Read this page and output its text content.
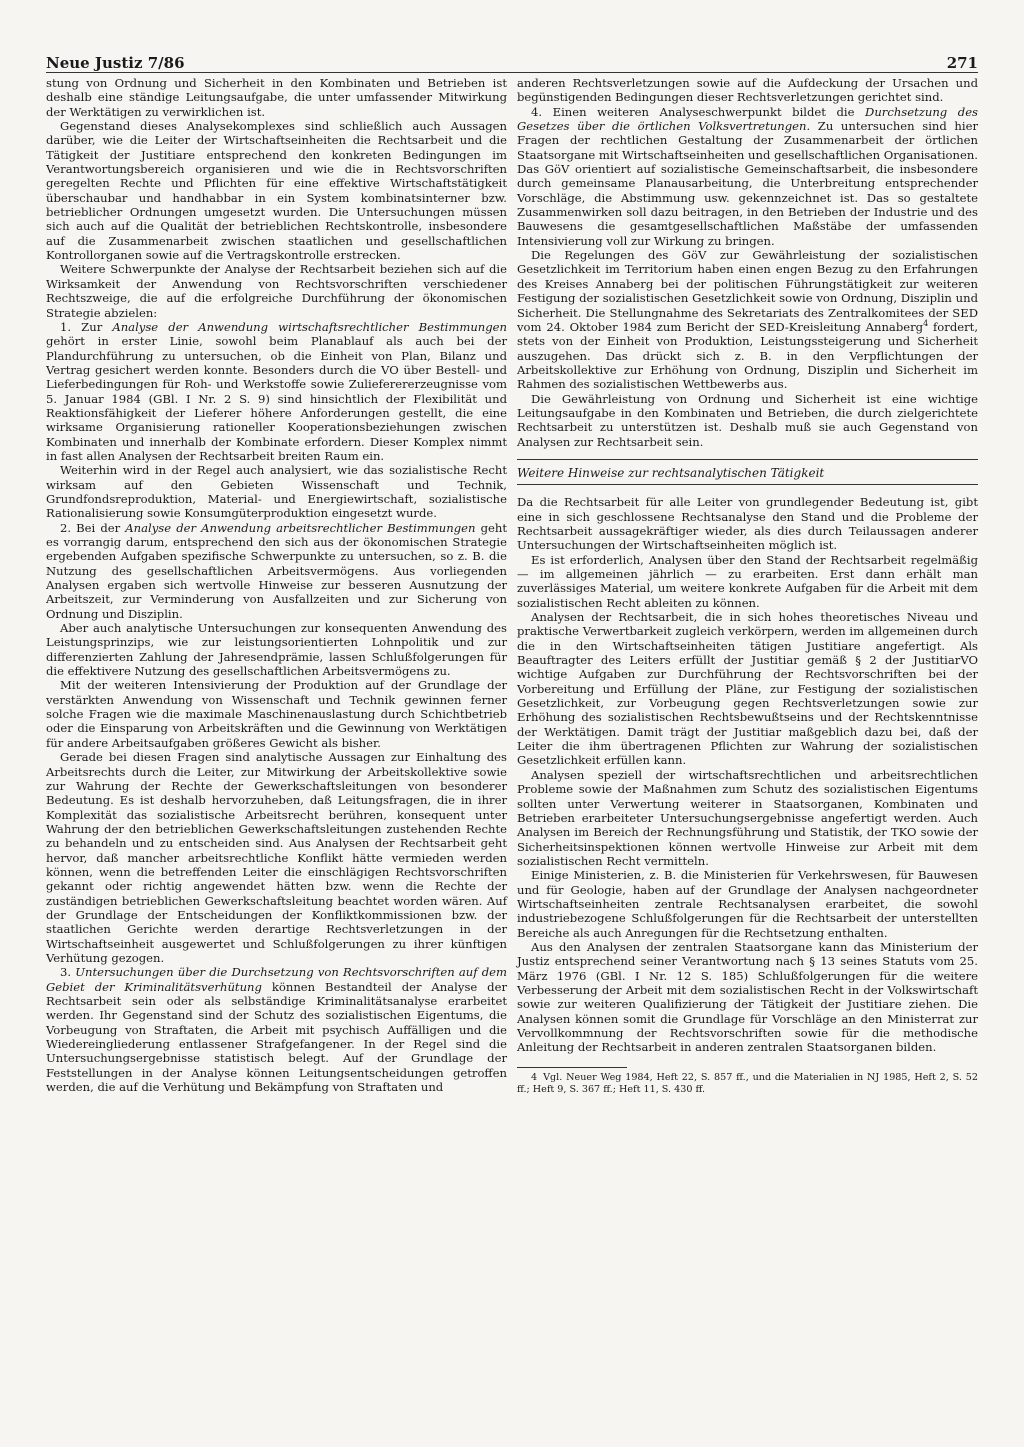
Neue Justiz 7/86	271

stung von Ordnung und Sicherheit in den Kombinaten und Betrieben ist deshalb eine ständige Leitungsaufgabe, die unter umfassender Mitwirkung der Werktätigen zu verwirklichen ist.

Gegenstand dieses Analysekomplexes sind schließlich auch Aussagen darüber, wie die Leiter der Wirtschaftseinheiten die Rechtsarbeit und die Tätigkeit der Justitiare entsprechend den konkreten Bedingungen im Verantwortungsbereich organisieren und wie die in Rechtsvorschriften geregelten Rechte und Pflichten für eine effektive Wirtschaftstätigkeit überschaubar und handhabbar in ein System kombinatsinterner bzw. betrieblicher Ordnungen umgesetzt wurden. Die Untersuchungen müssen sich auch auf die Qualität der betrieblichen Rechtskontrolle, insbesondere auf die Zusammenarbeit zwischen staatlichen und gesellschaftlichen Kontrollorganen sowie auf die Vertragskontrolle erstrecken.

Weitere Schwerpunkte der Analyse der Rechtsarbeit beziehen sich auf die Wirksamkeit der Anwendung von Rechtsvorschriften verschiedener Rechtszweige, die auf die erfolgreiche Durchführung der ökonomischen Strategie abzielen:

1. Zur Analyse der Anwendung wirtschaftsrechtlicher Bestimmungen gehört in erster Linie, sowohl beim Planablauf als auch bei der Plandurchführung zu untersuchen, ob die Einheit von Plan, Bilanz und Vertrag gesichert werden konnte. Besonders durch die VO über Bestell- und Lieferbedingungen für Roh- und Werkstoffe sowie Zulieferererzeugnisse vom 5. Januar 1984 (GBl. I Nr. 2 S. 9) sind hinsichtlich der Flexibilität und Reaktionsfähigkeit der Lieferer höhere Anforderungen gestellt, die eine wirksame Organisierung rationeller Kooperationsbeziehungen zwischen Kombinaten und innerhalb der Kombinate erfordern. Dieser Komplex nimmt in fast allen Analysen der Rechtsarbeit breiten Raum ein.

Weiterhin wird in der Regel auch analysiert, wie das sozialistische Recht wirksam auf den Gebieten Wissenschaft und Technik, Grundfondsreproduktion, Material- und Energiewirtschaft, sozialistische Rationalisierung sowie Konsumgüterproduktion eingesetzt wurde.

2. Bei der Analyse der Anwendung arbeitsrechtlicher Bestimmungen geht es vorrangig darum, entsprechend den sich aus der ökonomischen Strategie ergebenden Aufgaben spezifische Schwerpunkte zu untersuchen, so z. B. die Nutzung des gesellschaftlichen Arbeitsvermögens. Aus vorliegenden Analysen ergaben sich wertvolle Hinweise zur besseren Ausnutzung der Arbeitszeit, zur Verminderung von Ausfallzeiten und zur Sicherung von Ordnung und Disziplin.

Aber auch analytische Untersuchungen zur konsequenten Anwendung des Leistungsprinzips, wie zur leistungsorientierten Lohnpolitik und zur differenzierten Zahlung der Jahresendprämie, lassen Schlußfolgerungen für die effektivere Nutzung des gesellschaftlichen Arbeitsvermögens zu.

Mit der weiteren Intensivierung der Produktion auf der Grundlage der verstärkten Anwendung von Wissenschaft und Technik gewinnen ferner solche Fragen wie die maximale Maschinenauslastung durch Schichtbetrieb oder die Einsparung von Arbeitskräften und die Gewinnung von Werktätigen für andere Arbeitsaufgaben größeres Gewicht als bisher.

Gerade bei diesen Fragen sind analytische Aussagen zur Einhaltung des Arbeitsrechts durch die Leiter, zur Mitwirkung der Arbeitskollektive sowie zur Wahrung der Rechte der Gewerkschaftsleitungen von besonderer Bedeutung. Es ist deshalb hervorzuheben, daß Leitungsfragen, die in ihrer Komplexität das sozialistische Arbeitsrecht berühren, konsequent unter Wahrung der den betrieblichen Gewerkschaftsleitungen zustehenden Rechte zu behandeln und zu entscheiden sind. Aus Analysen der Rechtsarbeit geht hervor, daß mancher arbeitsrechtliche Konflikt hätte vermieden werden können, wenn die betreffenden Leiter die einschlägigen Rechtsvorschriften gekannt oder richtig angewendet hätten bzw. wenn die Rechte der zuständigen betrieblichen Gewerkschaftsleitung beachtet worden wären. Auf der Grundlage der Entscheidungen der Konfliktkommissionen bzw. der staatlichen Gerichte werden derartige Rechtsverletzungen in der Wirtschaftseinheit ausgewertet und Schlußfolgerungen zu ihrer künftigen Verhütung gezogen.

3. Untersuchungen über die Durchsetzung von Rechtsvorschriften auf dem Gebiet der Kriminalitätsverhütung können Bestandteil der Analyse der Rechtsarbeit sein oder als selbständige Kriminalitätsanalyse erarbeitet werden. Ihr Gegenstand sind der Schutz des sozialistischen Eigentums, die Vorbeugung von Straftaten, die Arbeit mit psychisch Auffälligen und die Wiedereingliederung entlassener Strafgefangener. In der Regel sind die Untersuchungsergebnisse statistisch belegt. Auf der Grundlage der Feststellungen in der Analyse können Leitungsentscheidungen getroffen werden, die auf die Verhütung und Bekämpfung von Straftaten und

anderen Rechtsverletzungen sowie auf die Aufdeckung der Ursachen und begünstigenden Bedingungen dieser Rechtsverletzungen gerichtet sind.

4. Einen weiteren Analyseschwerpunkt bildet die Durchsetzung des Gesetzes über die örtlichen Volksvertretungen. Zu untersuchen sind hier Fragen der rechtlichen Gestaltung der Zusammenarbeit der örtlichen Staatsorgane mit Wirtschaftseinheiten und gesellschaftlichen Organisationen. Das GöV orientiert auf sozialistische Gemeinschaftsarbeit, die insbesondere durch gemeinsame Planausarbeitung, die Unterbreitung entsprechender Vorschläge, die Abstimmung usw. gekennzeichnet ist. Das so gestaltete Zusammenwirken soll dazu beitragen, in den Betrieben der Industrie und des Bauwesens die gesamtgesellschaftlichen Maßstäbe der umfassenden Intensivierung voll zur Wirkung zu bringen.

Die Regelungen des GöV zur Gewährleistung der sozialistischen Gesetzlichkeit im Territorium haben einen engen Bezug zu den Erfahrungen des Kreises Annaberg bei der politischen Führungstätigkeit zur weiteren Festigung der sozialistischen Gesetzlichkeit sowie von Ordnung, Disziplin und Sicherheit. Die Stellungnahme des Sekretariats des Zentralkomitees der SED vom 24. Oktober 1984 zum Bericht der SED-Kreisleitung Annaberg$^4$ fordert, stets von der Einheit von Produktion, Leistungssteigerung und Sicherheit auszugehen. Das drückt sich z. B. in den Verpflichtungen der Arbeitskollektive zur Erhöhung von Ordnung, Disziplin und Sicherheit im Rahmen des sozialistischen Wettbewerbs aus.

Die Gewährleistung von Ordnung und Sicherheit ist eine wichtige Leitungsaufgabe in den Kombinaten und Betrieben, die durch zielgerichtete Rechtsarbeit zu unterstützen ist. Deshalb muß sie auch Gegenstand von Analysen zur Rechtsarbeit sein.

Weitere Hinweise zur rechtsanalytischen Tätigkeit

Da die Rechtsarbeit für alle Leiter von grundlegender Bedeutung ist, gibt eine in sich geschlossene Rechtsanalyse den Stand und die Probleme der Rechtsarbeit aussagekräftiger wieder, als dies durch Teilaussagen anderer Untersuchungen der Wirtschaftseinheiten möglich ist.

Es ist erforderlich, Analysen über den Stand der Rechtsarbeit regelmäßig — im allgemeinen jährlich — zu erarbeiten. Erst dann erhält man zuverlässiges Material, um weitere konkrete Aufgaben für die Arbeit mit dem sozialistischen Recht ableiten zu können.

Analysen der Rechtsarbeit, die in sich hohes theoretisches Niveau und praktische Verwertbarkeit zugleich verkörpern, werden im allgemeinen durch die in den Wirtschaftseinheiten tätigen Justitiare angefertigt. Als Beauftragter des Leiters erfüllt der Justitiar gemäß § 2 der JustitiarVO wichtige Aufgaben zur Durchführung der Rechtsvorschriften bei der Vorbereitung und Erfüllung der Pläne, zur Festigung der sozialistischen Gesetzlichkeit, zur Vorbeugung gegen Rechtsverletzungen sowie zur Erhöhung des sozialistischen Rechtsbewußtseins und der Rechtskenntnisse der Werktätigen. Damit trägt der Justitiar maßgeblich dazu bei, daß der Leiter die ihm übertragenen Pflichten zur Wahrung der sozialistischen Gesetzlichkeit erfüllen kann.

Analysen speziell der wirtschaftsrechtlichen und arbeitsrechtlichen Probleme sowie der Maßnahmen zum Schutz des sozialistischen Eigentums sollten unter Verwertung weiterer in Staatsorganen, Kombinaten und Betrieben erarbeiteter Untersuchungsergebnisse angefertigt werden. Auch Analysen im Bereich der Rechnungsführung und Statistik, der TKO sowie der Sicherheitsinspektionen können wertvolle Hinweise zur Arbeit mit dem sozialistischen Recht vermitteln.

Einige Ministerien, z. B. die Ministerien für Verkehrswesen, für Bauwesen und für Geologie, haben auf der Grundlage der Analysen nachgeordneter Wirtschaftseinheiten zentrale Rechtsanalysen erarbeitet, die sowohl industriebezogene Schlußfolgerungen für die Rechtsarbeit der unterstellten Bereiche als auch Anregungen für die Rechtsetzung enthalten.

Aus den Analysen der zentralen Staatsorgane kann das Ministerium der Justiz entsprechend seiner Verantwortung nach § 13 seines Statuts vom 25. März 1976 (GBl. I Nr. 12 S. 185) Schlußfolgerungen für die weitere Verbesserung der Arbeit mit dem sozialistischen Recht in der Volkswirtschaft sowie zur weiteren Qualifizierung der Tätigkeit der Justitiare ziehen. Die Analysen können somit die Grundlage für Vorschläge an den Ministerrat zur Vervollkommnung der Rechtsvorschriften sowie für die methodische Anleitung der Rechtsarbeit in anderen zentralen Staatsorganen bilden.

4 Vgl. Neuer Weg 1984, Heft 22, S. 857 ff., und die Materialien in NJ 1985, Heft 2, S. 52 ff.; Heft 9, S. 367 ff.; Heft 11, S. 430 ff.
